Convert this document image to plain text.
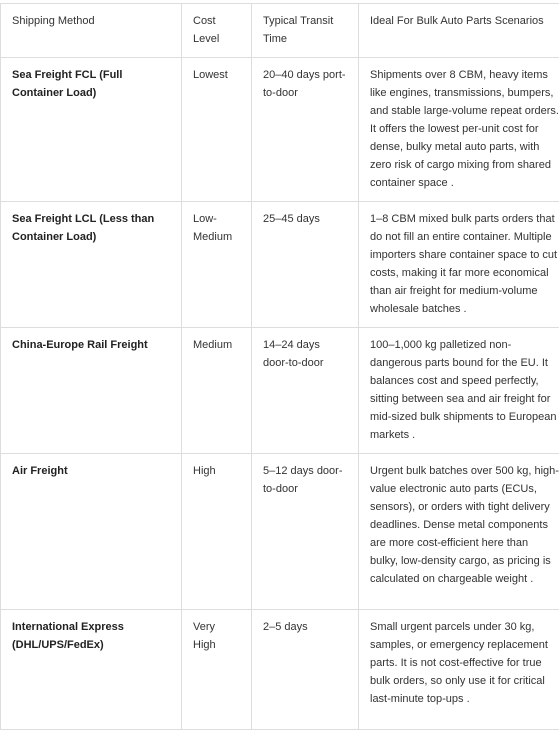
Shipping Method	Cost Level	Typical Transit Time	Ideal For Bulk Auto Parts Scenarios
Sea Freight FCL (Full Container Load)	Lowest	20–40 days port-to-door	Shipments over 8 CBM, heavy items like engines, transmissions, bumpers, and stable large-volume repeat orders. It offers the lowest per-unit cost for dense, bulky metal auto parts, with zero risk of cargo mixing from shared container space .
Sea Freight LCL (Less than Container Load)	Low-Medium	25–45 days	1–8 CBM mixed bulk parts orders that do not fill an entire container. Multiple importers share container space to cut costs, making it far more economical than air freight for medium-volume wholesale batches .
China-Europe Rail Freight	Medium	14–24 days door-to-door	100–1,000 kg palletized non-dangerous parts bound for the EU. It balances cost and speed perfectly, sitting between sea and air freight for mid-sized bulk shipments to European markets .
Air Freight	High	5–12 days door-to-door	Urgent bulk batches over 500 kg, high-value electronic auto parts (ECUs, sensors), or orders with tight delivery deadlines. Dense metal components are more cost-efficient here than bulky, low-density cargo, as pricing is calculated on chargeable weight .
International Express (DHL/UPS/FedEx)	Very High	2–5 days	Small urgent parcels under 30 kg, samples, or emergency replacement parts. It is not cost-effective for true bulk orders, so only use it for critical last-minute top-ups .
